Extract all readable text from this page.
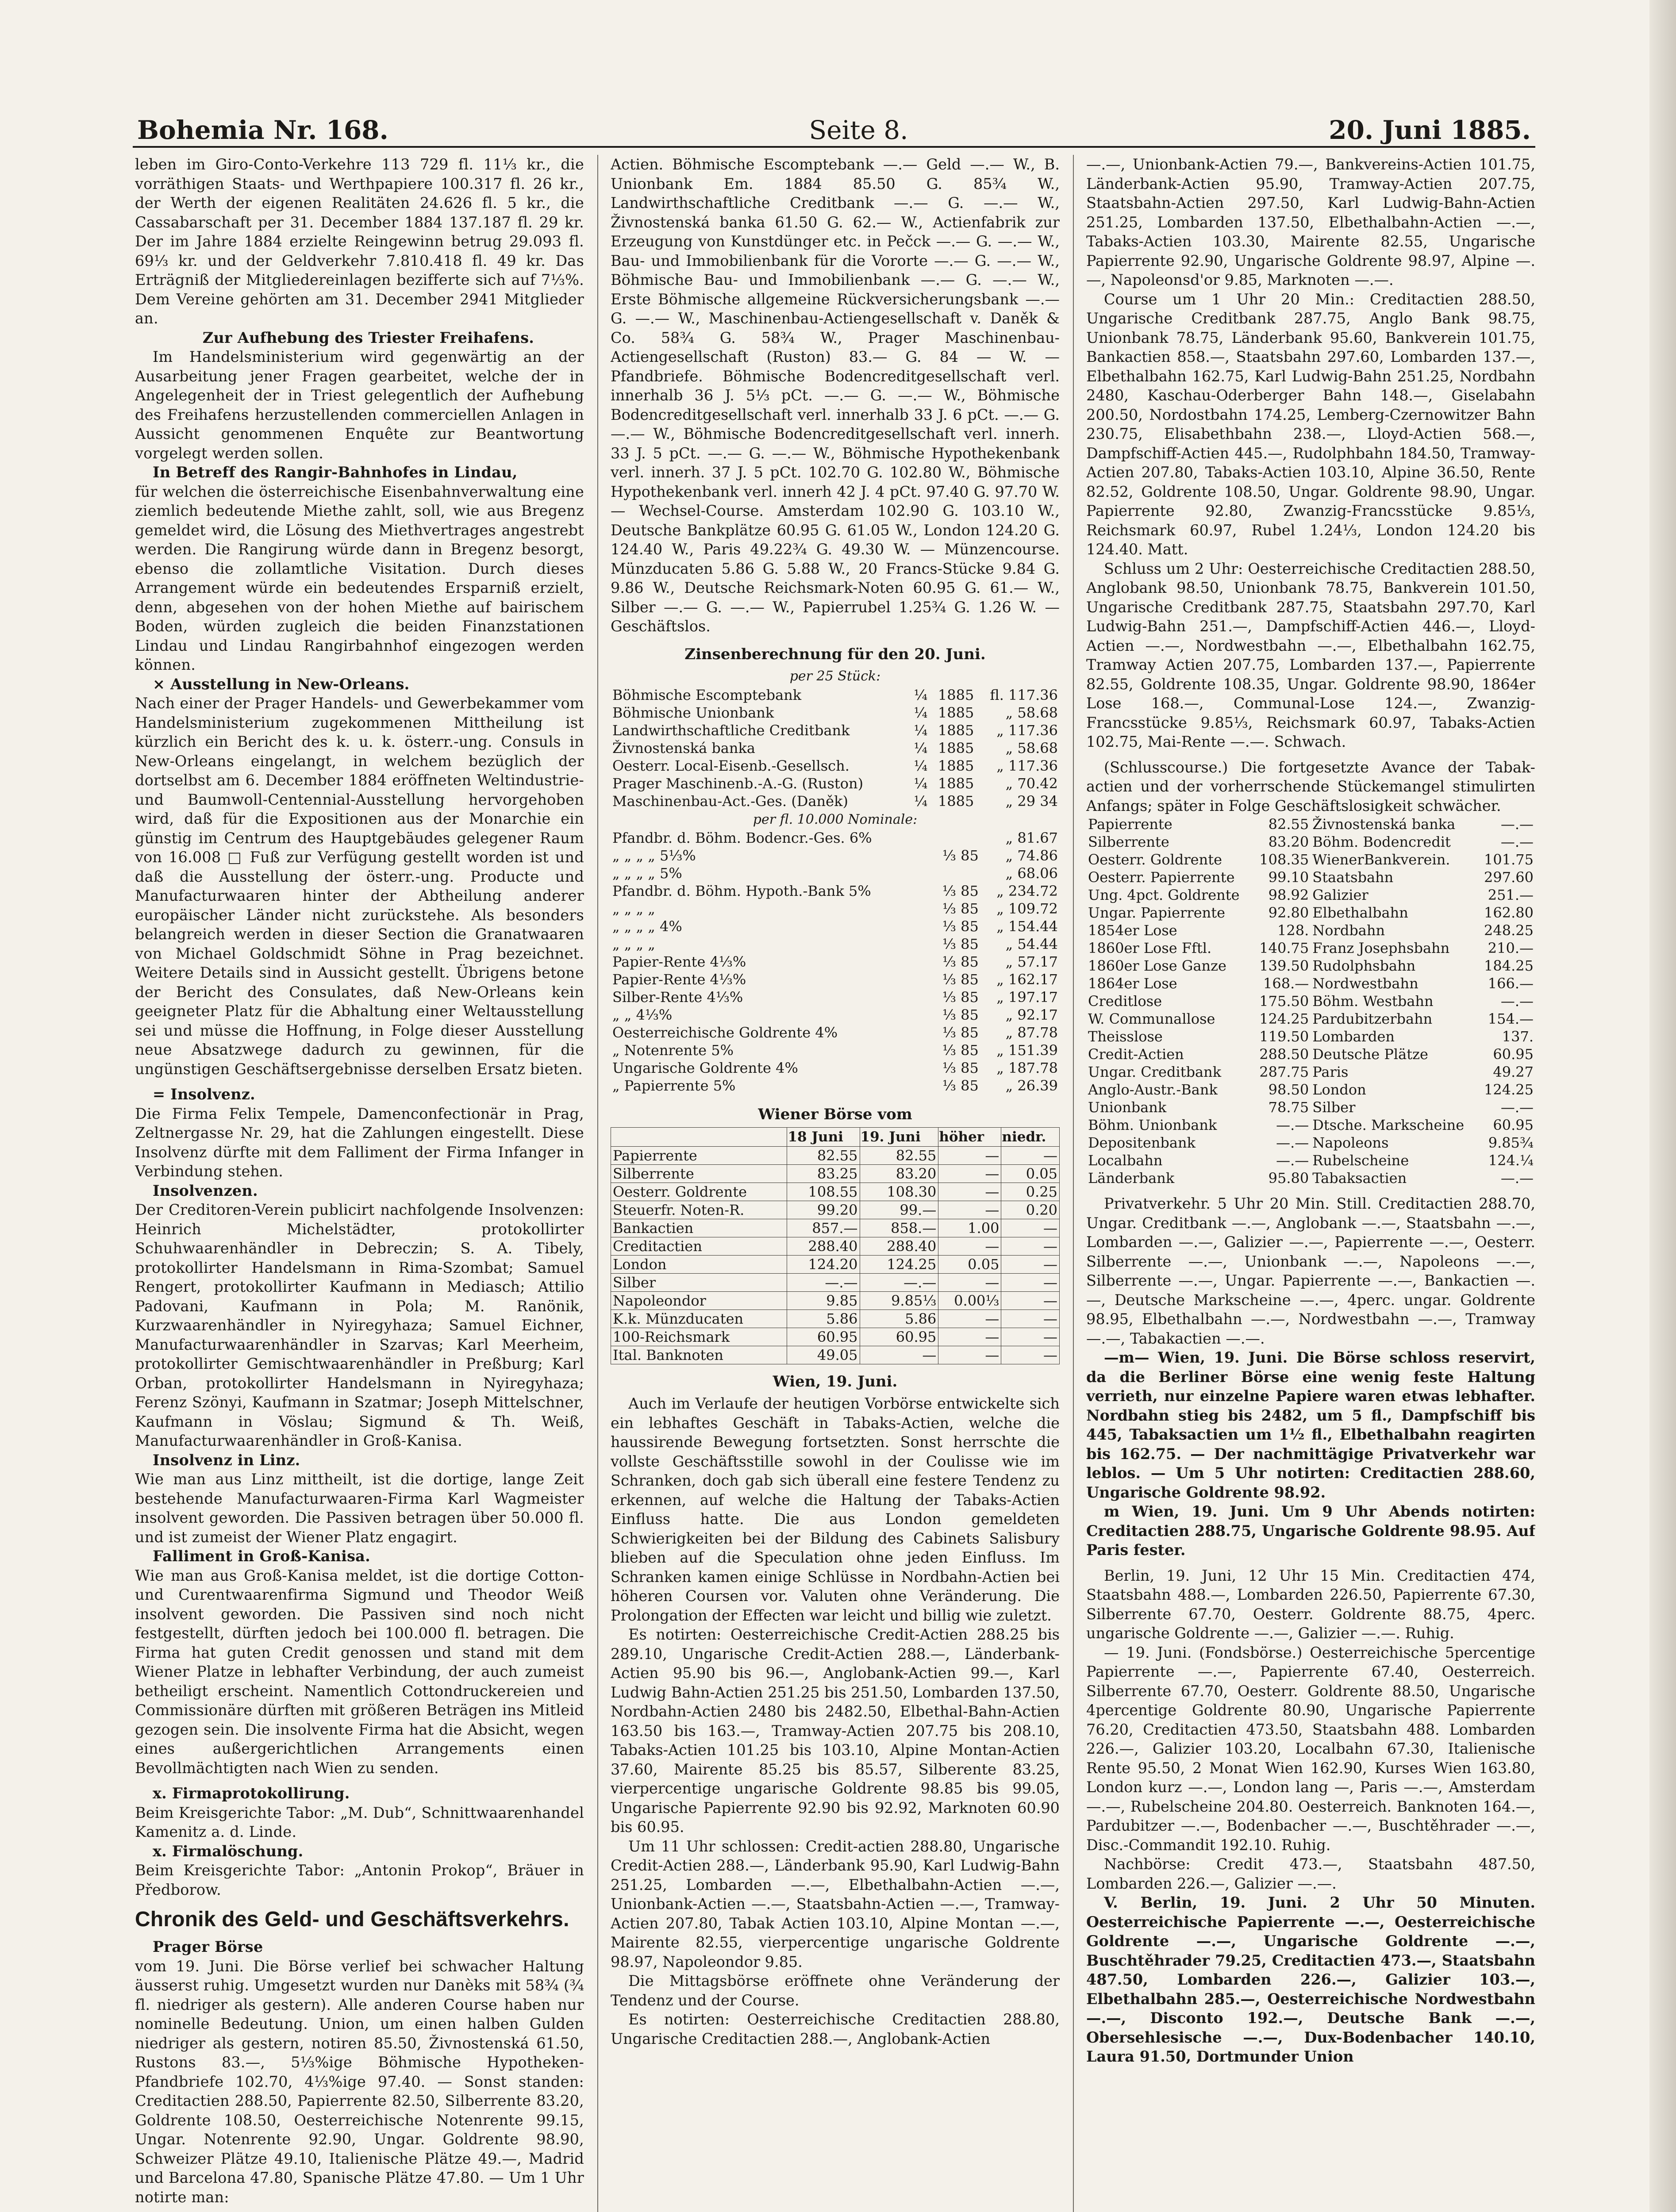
Bohemia Nr. 168.	Seite 8.	20. Juni 1885.

leben im Giro-Conto-Verkehre 113 729 fl. 11⅓ kr., die vorräthigen Staats- und Werthpapiere 100.317 fl. 26 kr., der Werth der eigenen Realitäten 24.626 fl. 5 kr., die Cassabarschaft per 31. December 1884 137.187 fl. 29 kr. Der im Jahre 1884 erzielte Reingewinn betrug 29.093 fl. 69⅓ kr. und der Geldverkehr 7.810.418 fl. 49 kr. Das Erträgniß der Mitgliedereinlagen bezifferte sich auf 7⅓%. Dem Vereine gehörten am 31. December 2941 Mitglieder an.

Zur Aufhebung des Triester Freihafens.

Im Handelsministerium wird gegenwärtig an der Ausarbeitung jener Fragen gearbeitet, welche der in Angelegenheit der in Triest gelegentlich der Aufhebung des Freihafens herzustellenden commerciellen Anlagen in Aussicht genommenen Enquête zur Beantwortung vorgelegt werden sollen.

In Betreff des Rangir-Bahnhofes in Lindau,

für welchen die österreichische Eisenbahnverwaltung eine ziemlich bedeutende Miethe zahlt, soll, wie aus Bregenz gemeldet wird, die Lösung des Miethvertrages angestrebt werden. Die Rangirung würde dann in Bregenz besorgt, ebenso die zollamtliche Visitation. Durch dieses Arrangement würde ein bedeutendes Ersparniß erzielt, denn, abgesehen von der hohen Miethe auf bairischem Boden, würden zugleich die beiden Finanzstationen Lindau und Lindau Rangirbahnhof eingezogen werden können.

× Ausstellung in New-Orleans.

Nach einer der Prager Handels- und Gewerbekammer vom Handelsministerium zugekommenen Mittheilung ist kürzlich ein Bericht des k. u. k. österr.-ung. Consuls in New-Orleans eingelangt, in welchem bezüglich der dortselbst am 6. December 1884 eröffneten Weltindustrie- und Baumwoll-Centennial-Ausstellung hervorgehoben wird, daß für die Expositionen aus der Monarchie ein günstig im Centrum des Hauptgebäudes gelegener Raum von 16.008 □ Fuß zur Verfügung gestellt worden ist und daß die Ausstellung der österr.-ung. Producte und Manufacturwaaren hinter der Abtheilung anderer europäischer Länder nicht zurückstehe. Als besonders belangreich werden in dieser Section die Granatwaaren von Michael Goldschmidt Söhne in Prag bezeichnet. Weitere Details sind in Aussicht gestellt. Übrigens betone der Bericht des Consulates, daß New-Orleans kein geeigneter Platz für die Abhaltung einer Weltausstellung sei und müsse die Hoffnung, in Folge dieser Ausstellung neue Absatzwege dadurch zu gewinnen, für die ungünstigen Geschäftsergebnisse derselben Ersatz bieten.

= Insolvenz.

Die Firma Felix Tempele, Damenconfectionär in Prag, Zeltnergasse Nr. 29, hat die Zahlungen eingestellt. Diese Insolvenz dürfte mit dem Falliment der Firma Infanger in Verbindung stehen.

Insolvenzen.

Der Creditoren-Verein publicirt nachfolgende Insolvenzen: Heinrich Michelstädter, protokollirter Schuhwaarenhändler in Debreczin; S. A. Tibely, protokollirter Handelsmann in Rima-Szombat; Samuel Rengert, protokollirter Kaufmann in Mediasch; Attilio Padovani, Kaufmann in Pola; M. Ranönik, Kurzwaarenhändler in Nyiregyhaza; Samuel Eichner, Manufacturwaarenhändler in Szarvas; Karl Meerheim, protokollirter Gemischtwaarenhändler in Preßburg; Karl Orban, protokollirter Handelsmann in Nyiregyhaza; Ferenz Szönyi, Kaufmann in Szatmar; Joseph Mittelschner, Kaufmann in Vöslau; Sigmund & Th. Weiß, Manufacturwaarenhändler in Groß-Kanisa.

Insolvenz in Linz.

Wie man aus Linz mittheilt, ist die dortige, lange Zeit bestehende Manufacturwaaren-Firma Karl Wagmeister insolvent geworden. Die Passiven betragen über 50.000 fl. und ist zumeist der Wiener Platz engagirt.

Falliment in Groß-Kanisa.

Wie man aus Groß-Kanisa meldet, ist die dortige Cotton- und Curentwaarenfirma Sigmund und Theodor Weiß insolvent geworden. Die Passiven sind noch nicht festgestellt, dürften jedoch bei 100.000 fl. betragen. Die Firma hat guten Credit genossen und stand mit dem Wiener Platze in lebhafter Verbindung, der auch zumeist betheiligt erscheint. Namentlich Cottondruckereien und Commissionäre dürften mit größeren Beträgen ins Mitleid gezogen sein. Die insolvente Firma hat die Absicht, wegen eines außergerichtlichen Arrangements einen Bevollmächtigten nach Wien zu senden.

x. Firmaprotokollirung.

Beim Kreisgerichte Tabor: „M. Dub“, Schnittwaarenhandel Kamenitz a. d. Linde.

x. Firmalöschung.

Beim Kreisgerichte Tabor: „Antonin Prokop“, Bräuer in Předborow.

Chronik des Geld- und Geschäftsverkehrs.

Prager Börse

vom 19. Juni. Die Börse verlief bei schwacher Haltung äusserst ruhig. Umgesetzt wurden nur Danèks mit 58¾ (¾ fl. niedriger als gestern). Alle anderen Course haben nur nominelle Bedeutung. Union, um einen halben Gulden niedriger als gestern, notiren 85.50, Živnostenská 61.50, Rustons 83.—, 5⅓%ige Böhmische Hypotheken-Pfandbriefe 102.70, 4⅓%ige 97.40. — Sonst standen: Creditactien 288.50, Papierrente 82.50, Silberrente 83.20, Goldrente 108.50, Oesterreichische Notenrente 99.15, Ungar. Notenrente 92.90, Ungar. Goldrente 98.90, Schweizer Plätze 49.10, Italienische Plätze 49.—, Madrid und Barcelona 47.80, Spanische Plätze 47.80. — Um 1 Uhr notirte man:

Actien. Böhmische Escomptebank —.— Geld —.— W., B. Unionbank Em. 1884 85.50 G. 85¾ W., Landwirthschaftliche Creditbank —.— G. —.— W., Živnostenská banka 61.50 G. 62.— W., Actienfabrik zur Erzeugung von Kunstdünger etc. in Pečck —.— G. —.— W., Bau- und Immobilienbank für die Vororte —.— G. —.— W., Böhmische Bau- und Immobilienbank —.— G. —.— W., Erste Böhmische allgemeine Rückversicherungsbank —.— G. —.— W., Maschinenbau-Actiengesellschaft v. Daněk & Co. 58¾ G. 58¾ W., Prager Maschinenbau-Actiengesellschaft (Ruston) 83.— G. 84 — W. — Pfandbriefe. Böhmische Bodencreditgesellschaft verl. innerhalb 36 J. 5⅓ pCt. —.— G. —.— W., Böhmische Bodencreditgesellschaft verl. innerhalb 33 J. 6 pCt. —.— G. —.— W., Böhmische Bodencreditgesellschaft verl. innerh. 33 J. 5 pCt. —.— G. —.— W., Böhmische Hypothekenbank verl. innerh. 37 J. 5 pCt. 102.70 G. 102.80 W., Böhmische Hypothekenbank verl. innerh 42 J. 4 pCt. 97.40 G. 97.70 W. — Wechsel-Course. Amsterdam 102.90 G. 103.10 W., Deutsche Bankplätze 60.95 G. 61.05 W., London 124.20 G. 124.40 W., Paris 49.22¾ G. 49.30 W. — Münzencourse. Münzducaten 5.86 G. 5.88 W., 20 Francs-Stücke 9.84 G. 9.86 W., Deutsche Reichsmark-Noten 60.95 G. 61.— W., Silber —.— G. —.— W., Papierrubel 1.25¾ G. 1.26 W. — Geschäftslos.

Zinsenberechnung für den 20. Juni.
per 25 Stück:
Böhmische Escomptebank	¼	1885	fl. 117.36
Böhmische Unionbank	¼	1885	„ 58.68
Landwirthschaftliche Creditbank	¼	1885	„ 117.36
Živnostenská banka	¼	1885	„ 58.68
Oesterr. Local-Eisenb.-Gesellsch.	¼	1885	„ 117.36
Prager Maschinenb.-A.-G. (Ruston)	¼	1885	„ 70.42
Maschinenbau-Act.-Ges. (Daněk)	¼	1885	„ 29 34
per fl. 10.000 Nominale:
Pfandbr. d. Böhm. Bodencr.-Ges. 6%		„ 81.67
„ „ „ „ 5⅓%	⅓ 85	„ 74.86
„ „ „ „ 5%		„ 68.06
Pfandbr. d. Böhm. Hypoth.-Bank 5%	⅓ 85	„ 234.72
„ „ „ „	⅓ 85	„ 109.72
„ „ „ „ 4%	⅓ 85	„ 154.44
„ „ „ „	⅓ 85	„ 54.44
Papier-Rente 4⅓%	⅓ 85	„ 57.17
Papier-Rente 4⅓%	⅓ 85	„ 162.17
Silber-Rente 4⅓%	⅓ 85	„ 197.17
„ „ 4⅓%	⅓ 85	„ 92.17
Oesterreichische Goldrente 4%	⅓ 85	„ 87.78
„ Notenrente 5%	⅓ 85	„ 151.39
Ungarische Goldrente 4%	⅓ 85	„ 187.78
„ Papierrente 5%	⅓ 85	„ 26.39
Wiener Börse vom
	18 Juni	19. Juni	höher	niedr.
Papierrente	82.55	82.55	—	—
Silberrente	83.25	83.20	—	0.05
Oesterr. Goldrente	108.55	108.30	—	0.25
Steuerfr. Noten-R.	99.20	99.—	—	0.20
Bankactien	857.—	858.—	1.00	—
Creditactien	288.40	288.40	—	—
London	124.20	124.25	0.05	—
Silber	—.—	—.—	—	—
Napoleondor	9.85	9.85⅓	0.00⅓	—
K.k. Münzducaten	5.86	5.86	—	—
100-Reichsmark	60.95	60.95	—	—
Ital. Banknoten	49.05	—	—	—
Wien, 19. Juni.

Auch im Verlaufe der heutigen Vorbörse entwickelte sich ein lebhaftes Geschäft in Tabaks-Actien, welche die haussirende Bewegung fortsetzten. Sonst herrschte die vollste Geschäftsstille sowohl in der Coulisse wie im Schranken, doch gab sich überall eine festere Tendenz zu erkennen, auf welche die Haltung der Tabaks-Actien Einfluss hatte. Die aus London gemeldeten Schwierigkeiten bei der Bildung des Cabinets Salisbury blieben auf die Speculation ohne jeden Einfluss. Im Schranken kamen einige Schlüsse in Nordbahn-Actien bei höheren Coursen vor. Valuten ohne Veränderung. Die Prolongation der Effecten war leicht und billig wie zuletzt.

Es notirten: Oesterreichische Credit-Actien 288.25 bis 289.10, Ungarische Credit-Actien 288.—, Länderbank-Actien 95.90 bis 96.—, Anglobank-Actien 99.—, Karl Ludwig Bahn-Actien 251.25 bis 251.50, Lombarden 137.50, Nordbahn-Actien 2480 bis 2482.50, Elbethal-Bahn-Actien 163.50 bis 163.—, Tramway-Actien 207.75 bis 208.10, Tabaks-Actien 101.25 bis 103.10, Alpine Montan-Actien 37.60, Mairente 85.25 bis 85.57, Silberente 83.25, vierpercentige ungarische Goldrente 98.85 bis 99.05, Ungarische Papierrente 92.90 bis 92.92, Marknoten 60.90 bis 60.95.

Um 11 Uhr schlossen: Credit-actien 288.80, Ungarische Credit-Actien 288.—, Länderbank 95.90, Karl Ludwig-Bahn 251.25, Lombarden —.—, Elbethalbahn-Actien —.—, Unionbank-Actien —.—, Staatsbahn-Actien —.—, Tramway-Actien 207.80, Tabak Actien 103.10, Alpine Montan —.—, Mairente 82.55, vierpercentige ungarische Goldrente 98.97, Napoleondor 9.85.

Die Mittagsbörse eröffnete ohne Veränderung der Tendenz und der Course.

Es notirten: Oesterreichische Creditactien 288.80, Ungarische Creditactien 288.—, Anglobank-Actien

—.—, Unionbank-Actien 79.—, Bankvereins-Actien 101.75, Länderbank-Actien 95.90, Tramway-Actien 207.75, Staatsbahn-Actien 297.50, Karl Ludwig-Bahn-Actien 251.25, Lombarden 137.50, Elbethalbahn-Actien —.—, Tabaks-Actien 103.30, Mairente 82.55, Ungarische Papierrente 92.90, Ungarische Goldrente 98.97, Alpine —.—, Napoleonsd'or 9.85, Marknoten —.—.

Course um 1 Uhr 20 Min.: Creditactien 288.50, Ungarische Creditbank 287.75, Anglo Bank 98.75, Unionbank 78.75, Länderbank 95.60, Bankverein 101.75, Bankactien 858.—, Staatsbahn 297.60, Lombarden 137.—, Elbethalbahn 162.75, Karl Ludwig-Bahn 251.25, Nordbahn 2480, Kaschau-Oderberger Bahn 148.—, Giselabahn 200.50, Nordostbahn 174.25, Lemberg-Czernowitzer Bahn 230.75, Elisabethbahn 238.—, Lloyd-Actien 568.—, Dampfschiff-Actien 445.—, Rudolphbahn 184.50, Tramway-Actien 207.80, Tabaks-Actien 103.10, Alpine 36.50, Rente 82.52, Goldrente 108.50, Ungar. Goldrente 98.90, Ungar. Papierrente 92.80, Zwanzig-Francsstücke 9.85⅓, Reichsmark 60.97, Rubel 1.24⅓, London 124.20 bis 124.40. Matt.

Schluss um 2 Uhr: Oesterreichische Creditactien 288.50, Anglobank 98.50, Unionbank 78.75, Bankverein 101.50, Ungarische Creditbank 287.75, Staatsbahn 297.70, Karl Ludwig-Bahn 251.—, Dampfschiff-Actien 446.—, Lloyd-Actien —.—, Nordwestbahn —.—, Elbethalbahn 162.75, Tramway Actien 207.75, Lombarden 137.—, Papierrente 82.55, Goldrente 108.35, Ungar. Goldrente 98.90, 1864er Lose 168.—, Communal-Lose 124.—, Zwanzig-Francsstücke 9.85⅓, Reichsmark 60.97, Tabaks-Actien 102.75, Mai-Rente —.—. Schwach.

(Schlusscourse.) Die fortgesetzte Avance der Tabak-actien und der vorherrschende Stückemangel stimulirten Anfangs; später in Folge Geschäftslosigkeit schwächer.

Papierrente	82.55	Živnostenská banka	—.—
Silberrente	83.20	Böhm. Bodencredit	—.—
Oesterr. Goldrente	108.35	WienerBankverein.	101.75
Oesterr. Papierrente	99.10	Staatsbahn	297.60
Ung. 4pct. Goldrente	98.92	Galizier	251.—
Ungar. Papierrente	92.80	Elbethalbahn	162.80
1854er Lose	128.	Nordbahn	248.25
1860er Lose Fftl.	140.75	Franz Josephsbahn	210.—
1860er Lose Ganze	139.50	Rudolphsbahn	184.25
1864er Lose	168.—	Nordwestbahn	166.—
Creditlose	175.50	Böhm. Westbahn	—.—
W. Communallose	124.25	Pardubitzerbahn	154.—
Theisslose	119.50	Lombarden	137.
Credit-Actien	288.50	Deutsche Plätze	60.95
Ungar. Creditbank	287.75	Paris	49.27
Anglo-Austr.-Bank	98.50	London	124.25
Unionbank	78.75	Silber	—.—
Böhm. Unionbank	—.—	Dtsche. Markscheine	60.95
Depositenbank	—.—	Napoleons	9.85¾
Localbahn	—.—	Rubelscheine	124.¼
Länderbank	95.80	Tabaksactien	—.—

Privatverkehr. 5 Uhr 20 Min. Still. Creditactien 288.70, Ungar. Creditbank —.—, Anglobank —.—, Staatsbahn —.—, Lombarden —.—, Galizier —.—, Papierrente —.—, Oesterr. Silberrente —.—, Unionbank —.—, Napoleons —.—, Silberrente —.—, Ungar. Papierrente —.—, Bankactien —.—, Deutsche Markscheine —.—, 4perc. ungar. Goldrente 98.95, Elbethalbahn —.—, Nordwestbahn —.—, Tramway —.—, Tabakactien —.—.

—m— Wien, 19. Juni. Die Börse schloss reservirt, da die Berliner Börse eine wenig feste Haltung verrieth, nur einzelne Papiere waren etwas lebhafter. Nordbahn stieg bis 2482, um 5 fl., Dampfschiff bis 445, Tabaksactien um 1½ fl., Elbethalbahn reagirten bis 162.75. — Der nachmittägige Privatverkehr war leblos. — Um 5 Uhr notirten: Creditactien 288.60, Ungarische Goldrente 98.92.

m Wien, 19. Juni. Um 9 Uhr Abends notirten: Creditactien 288.75, Ungarische Goldrente 98.95. Auf Paris fester.

Berlin, 19. Juni, 12 Uhr 15 Min. Creditactien 474, Staatsbahn 488.—, Lombarden 226.50, Papierrente 67.30, Silberrente 67.70, Oesterr. Goldrente 88.75, 4perc. ungarische Goldrente —.—, Galizier —.—. Ruhig.

— 19. Juni. (Fondsbörse.) Oesterreichische 5percentige Papierrente —.—, Papierrente 67.40, Oesterreich. Silberrente 67.70, Oesterr. Goldrente 88.50, Ungarische 4percentige Goldrente 80.90, Ungarische Papierrente 76.20, Creditactien 473.50, Staatsbahn 488. Lombarden 226.—, Galizier 103.20, Localbahn 67.30, Italienische Rente 95.50, 2 Monat Wien 162.90, Kurses Wien 163.80, London kurz —.—, London lang —, Paris —.—, Amsterdam —.—, Rubelscheine 204.80. Oesterreich. Banknoten 164.—, Pardubitzer —.—, Bodenbacher —.—, Buschtěhrader —.—, Disc.-Commandit 192.10. Ruhig.

Nachbörse: Credit 473.—, Staatsbahn 487.50, Lombarden 226.—, Galizier —.—.

V. Berlin, 19. Juni. 2 Uhr 50 Minuten. Oesterreichische Papierrente —.—, Oesterreichische Goldrente —.—, Ungarische Goldrente —.—, Buschtěhrader 79.25, Creditactien 473.—, Staatsbahn 487.50, Lombarden 226.—, Galizier 103.—, Elbethalbahn 285.—, Oesterreichische Nordwestbahn —.—, Disconto 192.—, Deutsche Bank —.—, Obersehlesische —.—, Dux-Bodenbacher 140.10, Laura 91.50, Dortmunder Union
